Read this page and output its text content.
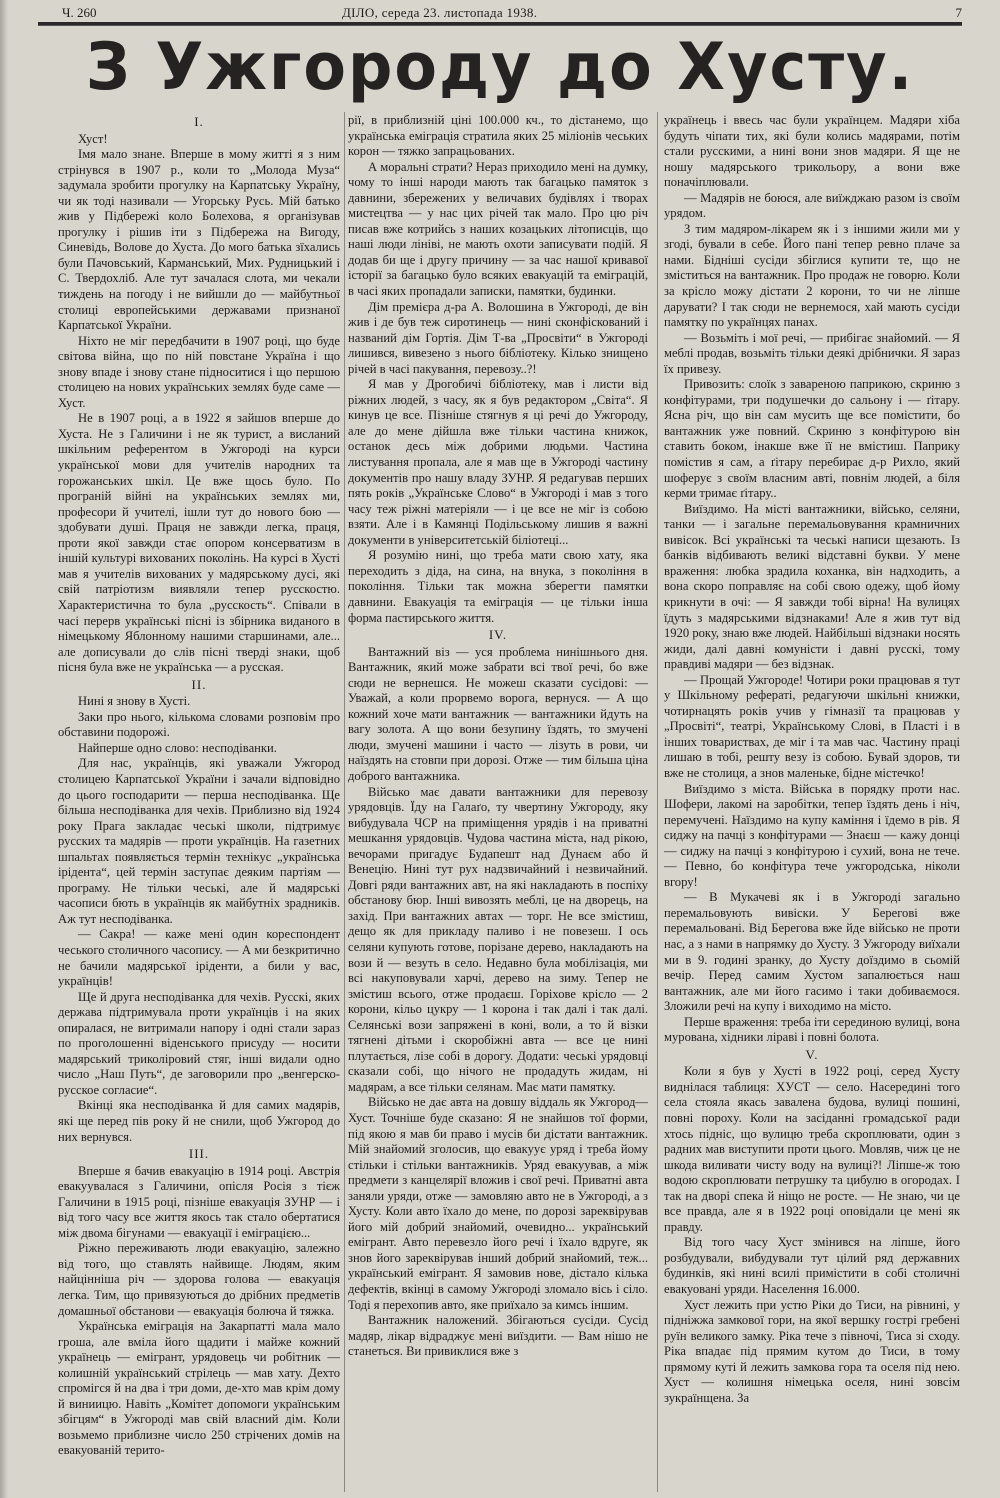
Ч. 260	ДІЛО, середа 23. листопада 1938.	7
З Ужгороду до Хусту.
I.

Хуст!

Імя мало знане. Вперше в мому житті я з ним стрінувся в 1907 р., коли то „Молода Муза“ задумала зробити прогулку на Карпатську Україну, чи як тоді називали — Угорську Русь. Мій батько жив у Підбережі коло Болехова, я організував прогулку і рішив іти з Підбережа на Вигоду, Синевідь, Воловe до Хуста. До мого батька зїхались були Пачовський, Карманський, Мих. Рудницький і С. Твердохліб. Але тут зачалася слота, ми чекали тиждень на погоду і не вийшли до — майбутньої столиці европейськими державами признаної Карпатської України.

Ніхто не міг передбачити в 1907 році, що буде світова війна, що по ній повстане Україна і що знову впаде і знову стане підноситися і що першою столицею на нових українських землях буде саме — Хуст.

Не в 1907 році, а в 1922 я зайшов вперше до Хуста. Не з Галичини і не як турист, а висланий шкільним референтом в Ужгороді на курси української мови для учителів народних та горожанських шкіл. Це вже щось було. По програній війні на українських землях ми, професори й учителі, ішли тут до нового бою — здобувати душі. Праця не завжди легка, праця, проти якої завжди стає опором консерватизм в іншій культурі вихованих поколінь. На курсі в Хусті мав я учителів вихованих у мадярському дусі, які свій патріотизм виявляли тепер русскостю. Характеристична то була „русскость“. Співали в часі перерв українські пісні із збірника виданого в німецькому Яблонному нашими старшинами, але... але дописували до слів пісні тверді знаки, щоб пісня була вже не українська — а русская.

II.

Нині я знову в Хусті.

Заки про нього, кількома словами розповім про обставини подорожі.

Найперше одно слово: несподіванки.

Для нас, українців, які уважали Ужгород столицею Карпатської України і зачали відповідно до цього господарити — перша несподіванка. Ще більша несподіванка для чехів. Приблизно від 1924 року Прага закладає чеські школи, підтримує русских та мадярів — проти українців. На газетних шпальтах появляється термін технікус „українська ірідента“, цей термін заступає деяким партіям — програму. Не тільки чеські, але й мадярські часописи бють в українців як майбутніх зрадників. Аж тут несподіванка.

— Сакра! — каже мені один кореспондент чеського столичного часопису. — А ми безкритично не бачили мадярської іріденти, а били у вас, українців!

Ще й друга несподіванка для чехів. Русскі, яких держава підтримувала проти українців і на яких опиралася, не витримали напору і одні стали зараз по проголошенні віденського присуду — носити мадярський триколіровий стяг, інші видали одно число „Наш Путь“, де заговорили про „венгерско-русское согласие“.

Вкінці яка несподіванка й для самих мадярів, які ще перед пів року й не снили, щоб Ужгород до них вернувся.

III.

Вперше я бачив евакуацію в 1914 році. Австрія евакуувалася з Галичини, опісля Росія з тієж Галичини в 1915 році, пізніше евакуація ЗУНР — і від того часу все життя якось так стало обертатися між двома бігунами — евакуації і еміграцією...

Ріжно переживають люди евакуацію, залежно від того, що ставлять найвище. Людям, яким найцінніша річ — здорова голова — евакуація легка. Тим, що привязуються до дрібних предметів домашньої обстанови — евакуація болюча й тяжка.

Українська еміграція на Закарпатті мала мало гроша, але вміла його щадити і майже кожний українець — емігрант, урядовець чи робітник — колишній український стрілець — мав хату. Дехто спромігся й на два і три доми, де-хто мав крім дому й виниицю. Навіть „Комітет допомоги українським збігцям“ в Ужгороді мав свій власний дім. Коли возьмемо приблизне число 250 стрічених домів на евакуованій терито-

рії, в приблизній ціні 100.000 кч., то дістанемо, що українська еміграція стратила яких 25 міліонів чеських корон — тяжко запрацьованих.

А моральні страти? Нераз приходило мені на думку, чому то інші народи мають так багацько памяток з давнини, збережених у величавих будівлях і творах мистецтва — у нас цих річей так мало. Про цю річ писав вже котрийсь з наших козацьких літописців, що наші люди лініві, не мають охоти записувати подій. Я додав би ще і другу причину — за час нашої кривавої історії за багацько було всяких евакуацій та еміграцій, в часі яких пропадали записки, памятки, будинки.

Дім премієра д-ра А. Волошина в Ужгороді, де він жив і де був теж сиротинець — нині сконфіскований і названий дім Гортія. Дім Т-ва „Просвіти“ в Ужгороді лишився, вивезено з нього бібліотеку. Кілько знищено річей в часі пакування, перевозу..?!

Я мав у Дрогобичі бібліотеку, мав і листи від ріжних людей, з часу, як я був редактором „Світа“. Я кинув це все. Пізніше стягнув я ці речі до Ужгороду, але до мене дійшла вже тільки частина книжок, останок десь між добрими людьми. Частина листування пропала, але я мав ще в Ужгороді частину документів про нашу владу ЗУНР. Я редагував перших пять років „Українське Слово“ в Ужгороді і мав з того часу теж ріжні матеріяли — і це все не міг із собою взяти. Але і в Камянці Подільському лишив я важні документи в університетській біліотеці...

Я розумію нині, що треба мати свою хату, яка переходить з діда, на сина, на внука, з покоління в покоління. Тільки так можна зберегти памятки давнини. Евакуація та еміграція — це тільки інша форма пастирського життя.

IV.

Вантажний віз — уся проблема нинішнього дня. Вантажник, який може забрати всі твої речі, бо вже сюди не вернешся. Не можеш сказати сусідові: — Уважай, а коли прорвемо ворога, вернуся. — А що кожний хоче мати вантажник — вантажники йдуть на вагу золота. А що вони безупину їздять, то змучені люди, змучені машини і часто — лізуть в рови, чи наїздять на стовпи при дорозі. Отже — тим більша ціна доброго вантажника.

Військо має давати вантажники для перевозу урядовців. Їду на Галаґо, ту чвертину Ужгороду, яку вибудувала ЧСР на приміщення урядів і на приватні мешкання урядовців. Чудова частина міста, над рікою, вечорами пригадує Будапешт над Дунаєм або й Венецію. Нині тут рух надзвичайний і незвичайний. Довгі ряди вантажних авт, на які накладають в поспіху обстанову бюр. Інші вивозять меблі, це на дворець, на захід. При вантажних автах — торг. Не все змістиш, дещо як для прикладу паливо і не повезеш. І ось селяни купують готове, порізане дерево, накладають на вози й — везуть в село. Недавно була мобілізація, ми всі накуповували харчі, дерево на зиму. Тепер не змістиш всього, отже продаєш. Горіхове крісло — 2 корони, кільо цукру — 1 корона і так далі і так далі. Селянські вози запряжені в коні, воли, а то й візки тягнені дітьми і скоробіжні авта — все це нині плутається, лізе собі в дорогу. Додати: чеські урядовці сказали собі, що нічого не продадуть жидам, ні мадярам, а все тільки селянам. Має мати памятку.

Військо не дає авта на довшу віддаль як Ужгород—Хуст. Точніше буде сказано: Я не знайшов тої форми, під якою я мав би право і мусів би дістати вантажник. Мій знайомий зголосив, що евакуує уряд і треба йому стільки і стільки вантажників. Уряд евакуував, а між предмети з канцелярії вложив і свої речі. Приватні авта заняли уряди, отже — замовляю авто не в Ужгороді, а з Хусту. Коли авто їхало до мене, по дорозі зареквірував його мій добрий знайомий, очевидно... український емігрант. Авто перевезло його речі і їхало вдруге, як знов його зареквірував інший добрий знайомий, теж... український емігрант. Я замовив нове, дістало кілька дефектів, вкінці в самому Ужгороді зломало вісь і сіло. Тоді я перехопив авто, яке приїхало за кимсь іншим.

Вантажник наложений. Збігаються сусіди. Сусід мадяр, лікар відраджує мені виїздити. — Вам нішо не станеться. Ви привиклися вже з

українець і ввесь час були українцем. Мадяри хіба будуть чіпати тих, які були колись мадярами, потім стали русскими, а нині вони знов мадяри. Я ще не ношу мадярського трикольору, а вони вже поначіплювали.

— Мадярів не боюся, але виїжджаю разом із своїм урядом.

З тим мадяром-лікарем як і з іншими жили ми у згоді, бували в себе. Його пані тепер ревно плаче за нами. Бідніші сусіди збіглися купити те, що не зміститься на вантажник. Про продаж не говорю. Коли за крісло можу дістати 2 корони, то чи не ліпше дарувати? І так сюди не вернемося, хай мають сусіди памятку по українцях панах.

— Возьміть і мої речі, — прибігає знайомий. — Я меблі продав, возьміть тільки деякі дрібнички. Я зараз їх привезу.

Привозить: слоїк з завареною паприкою, скриню з конфітурами, три подушечки до сальону і — ґітару. Ясна річ, що він сам мусить ще все помістити, бо вантажник уже повний. Скриню з конфітурою він ставить боком, інакше вже її не вмістиш. Паприку помістив я сам, а ґітару перебирає д-р Рихло, який шоферує з своїм власним авті, повнім людей, а біля керми тримає ґітару..

Виїздимо. На місті вантажники, військо, селяни, танки — і загальне перемальовування крамничних вивісок. Всі українські та чеські написи щезають. Із банків відбивають великі відставні букви. У мене враження: любка зрадила коханка, він надходить, а вона скоро поправляє на собі свою одежу, щоб йому крикнути в очі: — Я завжди тобі вірна! На вулицях їдуть з мадярськими відзнаками! Але я жив тут від 1920 року, знаю вже людей. Найбільші відзнаки носять жиди, далі давні комуністи і давні русскі, тому правдиві мадяри — без відзнак.

— Прощай Ужгороде! Чотири роки працював я тут у Шкільному рефераті, редагуючи шкільні книжки, чотирнацять років учив у гімназії та працював у „Просвіті“, театрі, Українському Слові, в Пласті і в інших товариствах, де міг і та мав час. Частину праці лишаю в тобі, решту везу із собою. Бувай здоров, ти вже не столиця, а знов маленьке, бідне містечко!

Виїздимо з міста. Війська в порядку проти нас. Шофери, лакомі на заробітки, тепер їздять день і ніч, перемучені. Наїздимо на купу каміння і їдемо в рів. Я сиджу на пачці з конфітурами — Знаєш — кажу донці — сиджу на пачці з конфітурою і сухий, вона не тече. — Певно, бо конфітура тече ужгородська, ніколи вгору!

— В Мукачеві як і в Ужгороді загально перемальовують вивіски. У Берегові вже перемальовані. Від Берегова вже йде військо не проти нас, а з нами в напрямку до Хусту. З Ужгороду виїхали ми в 9. годині зранку, до Хусту доїздимо в сьомій вечір. Перед самим Хустом запалюється наш вантажник, але ми його гасимо і таки добиваємося. Зложили речі на купу і виходимо на місто.

Перше враження: треба іти серединою вулиці, вона мурована, хідники ліраві і повні болота.

V.

Коли я був у Хусті в 1922 році, серед Хусту виднілася таблиця: ХУСТ — село. Насередині того села стояла якась завалена будова, вулиці пошині, повні порохy. Коли на засіданні громадської ради хтось підніс, що вулицю треба скроплювати, один з радних мав виступити проти цього. Мовляв, чиж це не шкода виливати чисту воду на вулиці?! Ліпше-ж тою водою скроплювати петрушку та цибулю в огородах. І так на дворі спека й ніщо не росте. — Не знаю, чи це все правда, але я в 1922 році оповідали це мені як правду.

Від того часу Хуст змінився на ліпше, його розбудували, вибудували тут цілий ряд державних будинків, які нині всилі примістити в собі столичні евакуовані уряди. Населення 16.000.

Хуст лежить при устю Ріки до Тиси, на рівнині, у підніжжа замкової гори, на якої вершку гострі гребені руїн великого замку. Ріка тече з півночі, Тиса зі сходу. Ріка впадає під прямим кутом до Тиси, в тому прямому куті й лежить замкова гора та оселя під нею. Хуст — колишня німецька оселя, нині зовсім зукраїнщена. За
